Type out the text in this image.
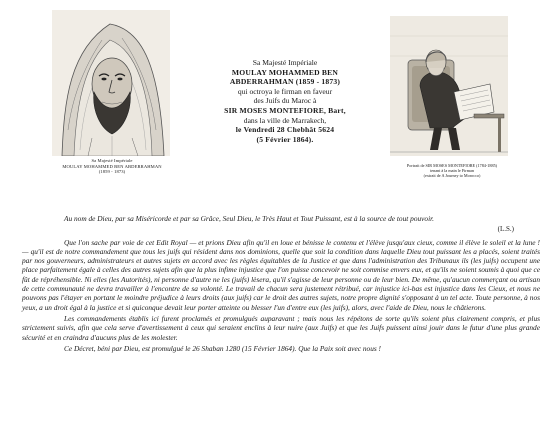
Sa Majesté Impériale
MOULAY MOHAMMED BEN ABDERRAHMAN
(1859 - 1873)
Sa Majesté Impériale
MOULAY MOHAMMED BEN
ABDERRAHMAN (1859 - 1873)
qui octroya le firman en faveur
des Juifs du Maroc à
SIR MOSES MONTEFIORE, Bart,
dans la ville de Marrakech,
le Vendredi 28 Chebhât 5624
(5 Février 1864).
Portrait de SIR MOSES MONTEFIORE (1784-1885)
tenant à la main le Firman
(extrait de A Journey to Morocco)

Au nom de Dieu, par sa Miséricorde et par sa Grâce, Seul Dieu, le Très Haut et Tout Puissant, est à la source de tout pouvoir.

(L.S.)

Que l'on sache par voie de cet Edit Royal — et prions Dieu afin qu'il en loue et bénisse le contenu et l'élève jusqu'aux cieux, comme il élève le soleil et la lune ! — qu'il est de notre commandement que tous les juifs qui résident dans nos dominions, quelle que soit la condition dans laquelle Dieu tout puissant les a placés, soient traités par nos gouverneurs, administrateurs et autres sujets en accord avec les règles équitables de la Justice et que dans l'administration des Tribunaux ils (les juifs) occupent une place parfaitement égale à celles des autres sujets afin que la plus infime injustice que l'on puisse concevoir ne soit commise envers eux, et qu'ils ne soient soumis à quoi que ce fût de répréhensible. Ni elles (les Autorités), ni personne d'autre ne les (juifs) lèsera, qu'il s'agisse de leur personne ou de leur bien. De même, qu'aucun commerçant ou artisan de cette communauté ne devra travailler à l'encontre de sa volonté. Le travail de chacun sera justement rétribué, car injustice ici-bas est injustice dans les Cieux, et nous ne pouvons pas l'étayer en portant le moindre préjudice à leurs droits (aux juifs) car le droit des autres sujets, notre propre dignité s'opposant à un tel acte. Toute personne, à nos yeux, a un droit égal à la justice et si quiconque devait leur porter atteinte ou blesser l'un d'entre eux (les juifs), alors, avec l'aide de Dieu, nous le châtierons.

Les commandements établis ici furent proclamés et promulgués auparavant ; mais nous les répétons de sorte qu'ils soient plus clairement compris, et plus strictement suivis, afin que cela serve d'avertissement à ceux qui seraient enclins à leur nuire (aux Juifs) et que les Juifs puissent ainsi jouir dans le futur d'une plus grande sécurité et en craindra d'aucuns plus de les molester.

Ce Décret, béni par Dieu, est promulgué le 26 Shaban 1280 (15 Février 1864). Que la Paix soit avec nous !
